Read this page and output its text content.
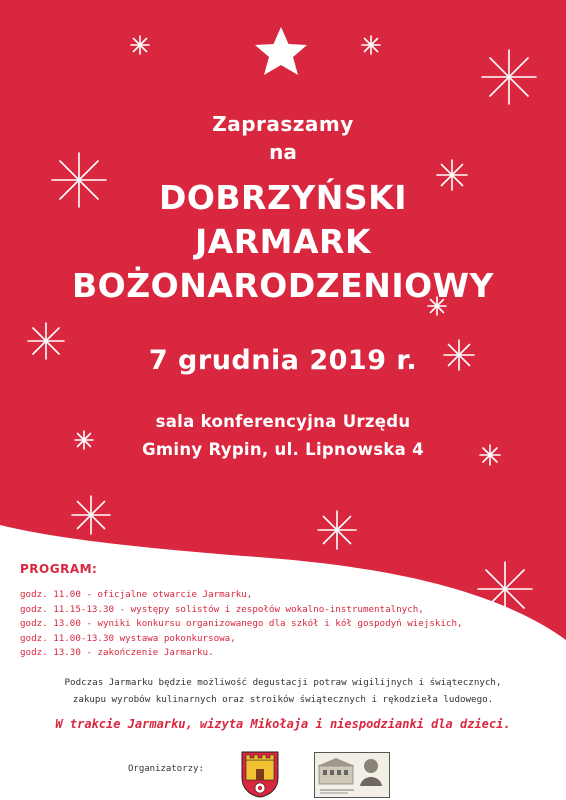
Zapraszamy
na
DOBRZYŃSKI
JARMARK
BOŻONARODZENIOWY
7 grudnia 2019 r.
sala konferencyjna Urzędu
Gminy Rypin, ul. Lipnowska 4
PROGRAM:
godz. 11.00 - oficjalne otwarcie Jarmarku,
godz. 11.15-13.30 - występy solistów i zespołów wokalno-instrumentalnych,
godz. 13.00 - wyniki konkursu organizowanego dla szkół i kół gospodyń wiejskich,
godz. 11.00-13.30 wystawa pokonkursowa,
godz. 13.30 - zakończenie Jarmarku.
Podczas Jarmarku będzie możliwość degustacji potraw wigilijnych i świątecznych,
zakupu wyrobów kulinarnych oraz stroików świątecznych i rękodzieła ludowego.
W trakcie Jarmarku, wizyta Mikołaja i niespodzianki dla dzieci.
Organizatorzy:
